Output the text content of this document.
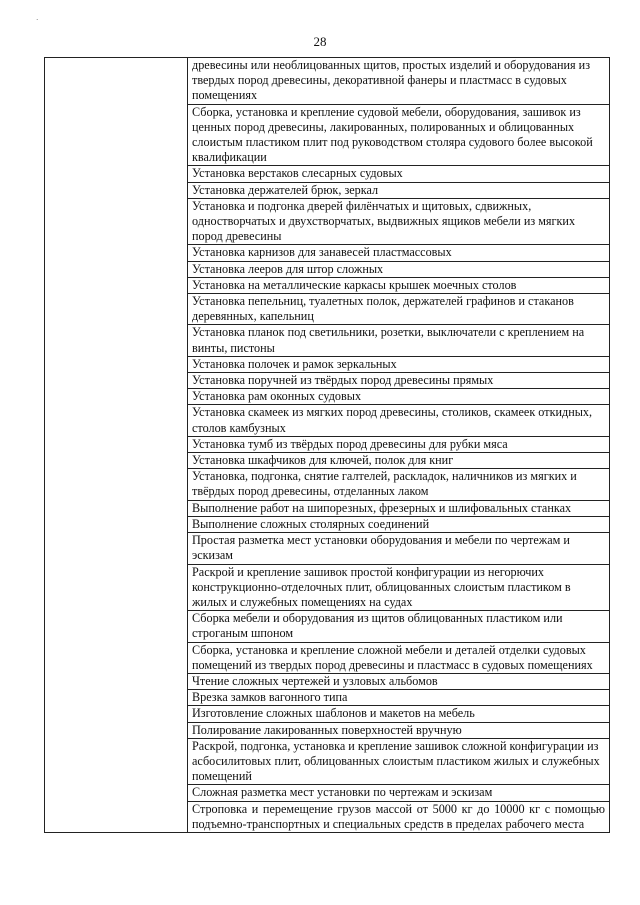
·
28
	древесины или необлицованных щитов, простых изделий и оборудования из твердых пород древесины, декоративной фанеры и пластмасс в судовых помещениях
Сборка, установка и крепление судовой мебели, оборудования, зашивок из ценных пород древесины, лакированных, полированных и облицованных слоистым пластиком плит под руководством столяра судового более высокой квалификации
Установка верстаков слесарных судовых
Установка держателей брюк, зеркал
Установка и подгонка дверей филёнчатых и щитовых, сдвижных, одностворчатых и двухстворчатых, выдвижных ящиков мебели из мягких пород древесины
Установка карнизов для занавесей пластмассовых
Установка лееров для штор сложных
Установка на металлические каркасы крышек моечных столов
Установка пепельниц, туалетных полок, держателей графинов и стаканов деревянных, капельниц
Установка планок под светильники, розетки, выключатели с креплением на винты, пистоны
Установка полочек и рамок зеркальных
Установка поручней из твёрдых пород древесины прямых
Установка рам оконных судовых
Установка скамеек из мягких пород древесины, столиков, скамеек откидных, столов камбузных
Установка тумб из твёрдых пород древесины для рубки мяса
Установка шкафчиков для ключей, полок для книг
Установка, подгонка, снятие галтелей, раскладок, наличников из мягких и твёрдых пород древесины, отделанных лаком
Выполнение работ на шипорезных, фрезерных и шлифовальных станках
Выполнение сложных столярных соединений
Простая разметка мест установки оборудования и мебели по чертежам и эскизам
Раскрой и крепление зашивок простой конфигурации из негорючих конструкционно-отделочных плит, облицованных слоистым пластиком в жилых и служебных помещениях на судах
Сборка мебели и оборудования из щитов облицованных пластиком или строганым шпоном
Сборка, установка и крепление сложной мебели и деталей отделки судовых помещений из твердых пород древесины и пластмасс в судовых помещениях
Чтение сложных чертежей и узловых альбомов
Врезка замков вагонного типа
Изготовление сложных шаблонов и макетов на мебель
Полирование лакированных поверхностей вручную
Раскрой, подгонка, установка и крепление зашивок сложной конфигурации из асбосилитовых плит, облицованных слоистым пластиком жилых и служебных помещений
Сложная разметка мест установки по чертежам и эскизам
Строповка и перемещение грузов массой от 5000 кг до 10000 кг с помощью подъемно-транспортных и специальных средств в пределах рабочего места
